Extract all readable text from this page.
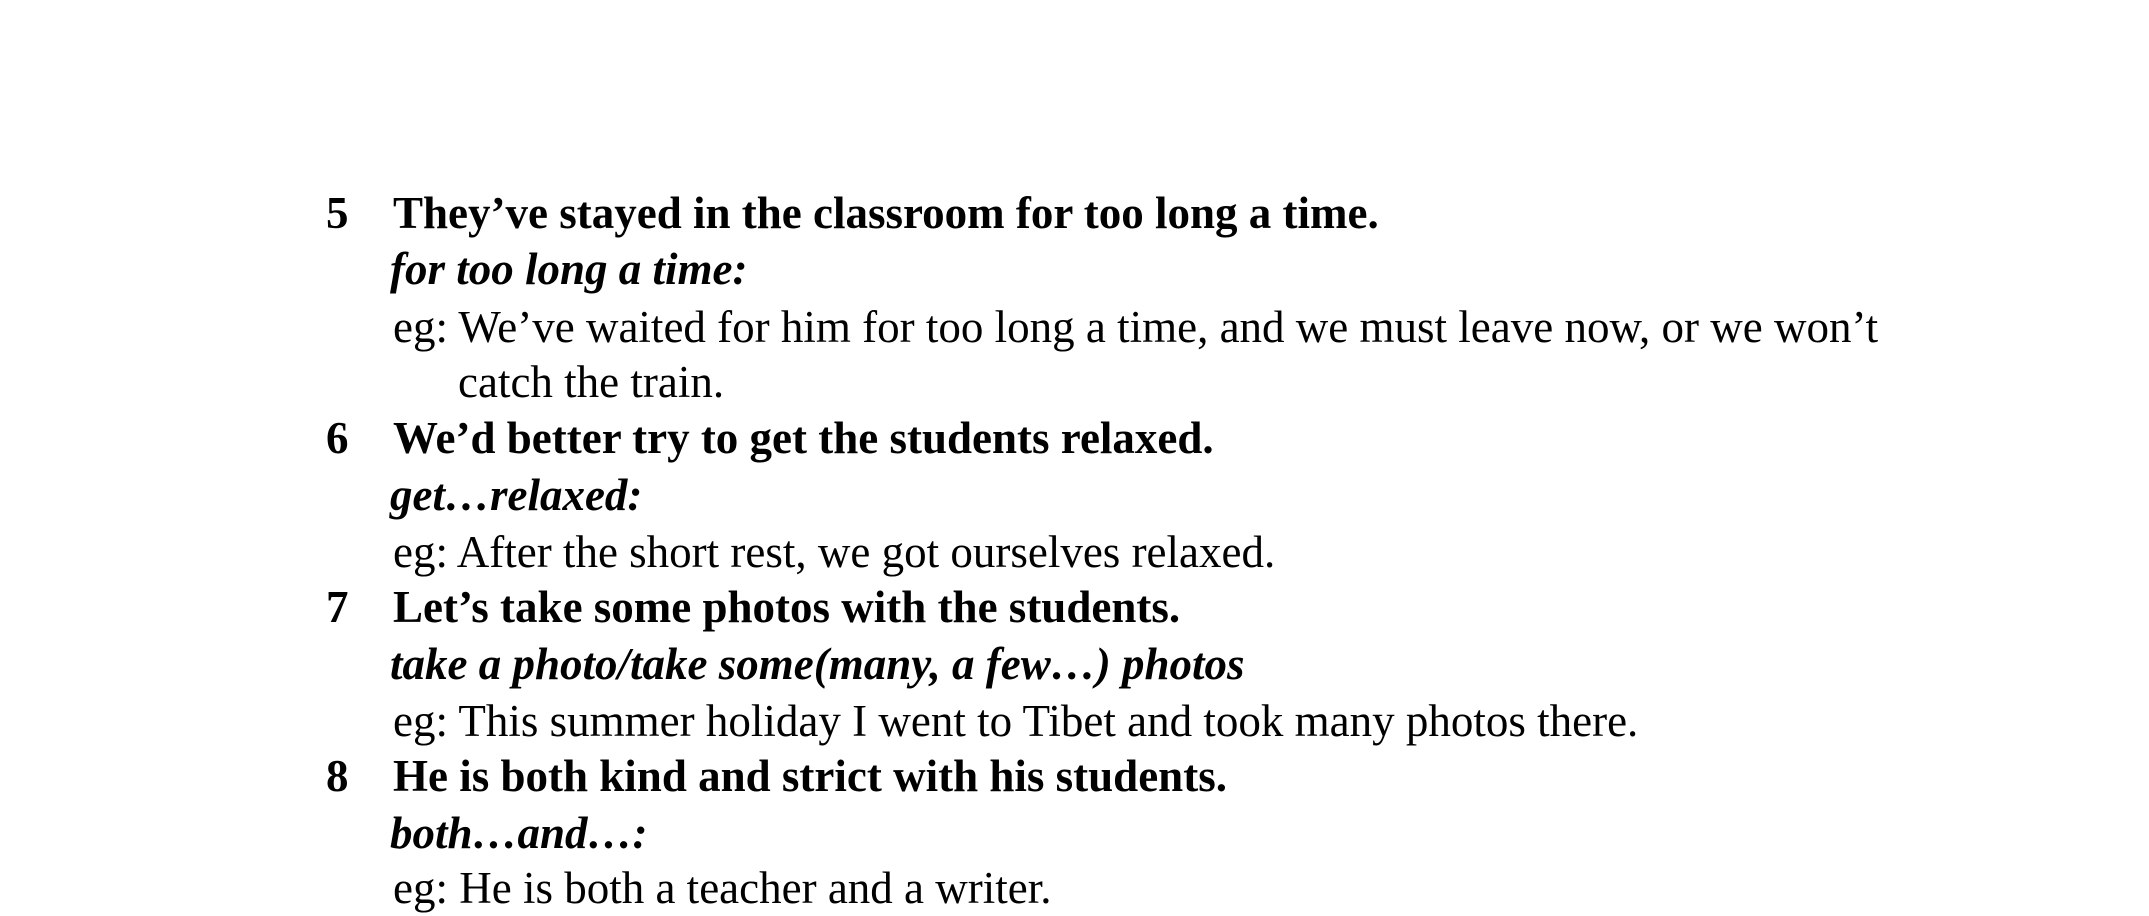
5 They’ve stayed in the classroom for too long a time.
for too long a time:
eg: We’ve waited for him for too long a time, and we must leave now, or we won’t
catch the train.
6 We’d better try to get the students relaxed.
get…relaxed:
eg: After the short rest, we got ourselves relaxed.
7 Let’s take some photos with the students.
take a photo/take some(many, a few…) photos
eg: This summer holiday I went to Tibet and took many photos there.
8 He is both kind and strict with his students.
both…and…:
eg: He is both a teacher and a writer.
